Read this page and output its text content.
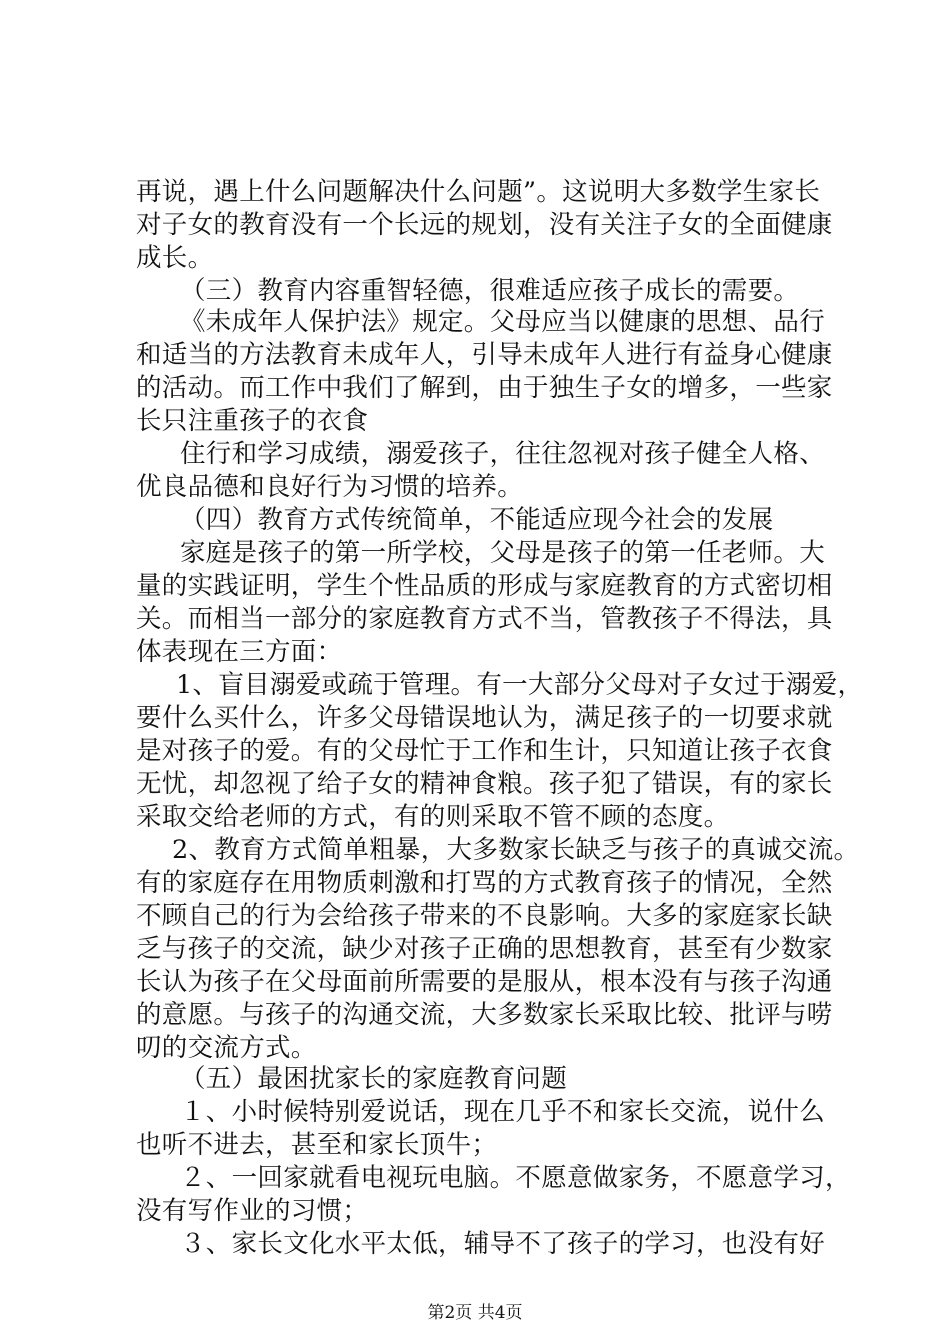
再说，遇上什么问题解决什么问题”。这说明大多数学生家长
对子女的教育没有一个长远的规划，没有关注子女的全面健康
成长。
（三）教育内容重智轻德，很难适应孩子成长的需要。
《未成年人保护法》规定。父母应当以健康的思想、品行
和适当的方法教育未成年人，引导未成年人进行有益身心健康
的活动。而工作中我们了解到，由于独生子女的增多，一些家
长只注重孩子的衣食
住行和学习成绩，溺爱孩子，往往忽视对孩子健全人格、
优良品德和良好行为习惯的培养。
（四）教育方式传统简单，不能适应现今社会的发展
家庭是孩子的第一所学校，父母是孩子的第一任老师。大
量的实践证明，学生个性品质的形成与家庭教育的方式密切相
关。而相当一部分的家庭教育方式不当，管教孩子不得法，具
体表现在三方面：
1、盲目溺爱或疏于管理。有一大部分父母对子女过于溺爱，
要什么买什么，许多父母错误地认为，满足孩子的一切要求就
是对孩子的爱。有的父母忙于工作和生计，只知道让孩子衣食
无忧，却忽视了给子女的精神食粮。孩子犯了错误，有的家长
采取交给老师的方式，有的则采取不管不顾的态度。
2、教育方式简单粗暴，大多数家长缺乏与孩子的真诚交流。
有的家庭存在用物质刺激和打骂的方式教育孩子的情况，全然
不顾自己的行为会给孩子带来的不良影响。大多的家庭家长缺
乏与孩子的交流，缺少对孩子正确的思想教育，甚至有少数家
长认为孩子在父母面前所需要的是服从，根本没有与孩子沟通
的意愿。与孩子的沟通交流，大多数家长采取比较、批评与唠
叨的交流方式。
（五）最困扰家长的家庭教育问题
１、小时候特别爱说话，现在几乎不和家长交流，说什么
也听不进去，甚至和家长顶牛；
２、一回家就看电视玩电脑。不愿意做家务，不愿意学习，
没有写作业的习惯；
３、家长文化水平太低，辅导不了孩子的学习，也没有好
第2页 共4页
